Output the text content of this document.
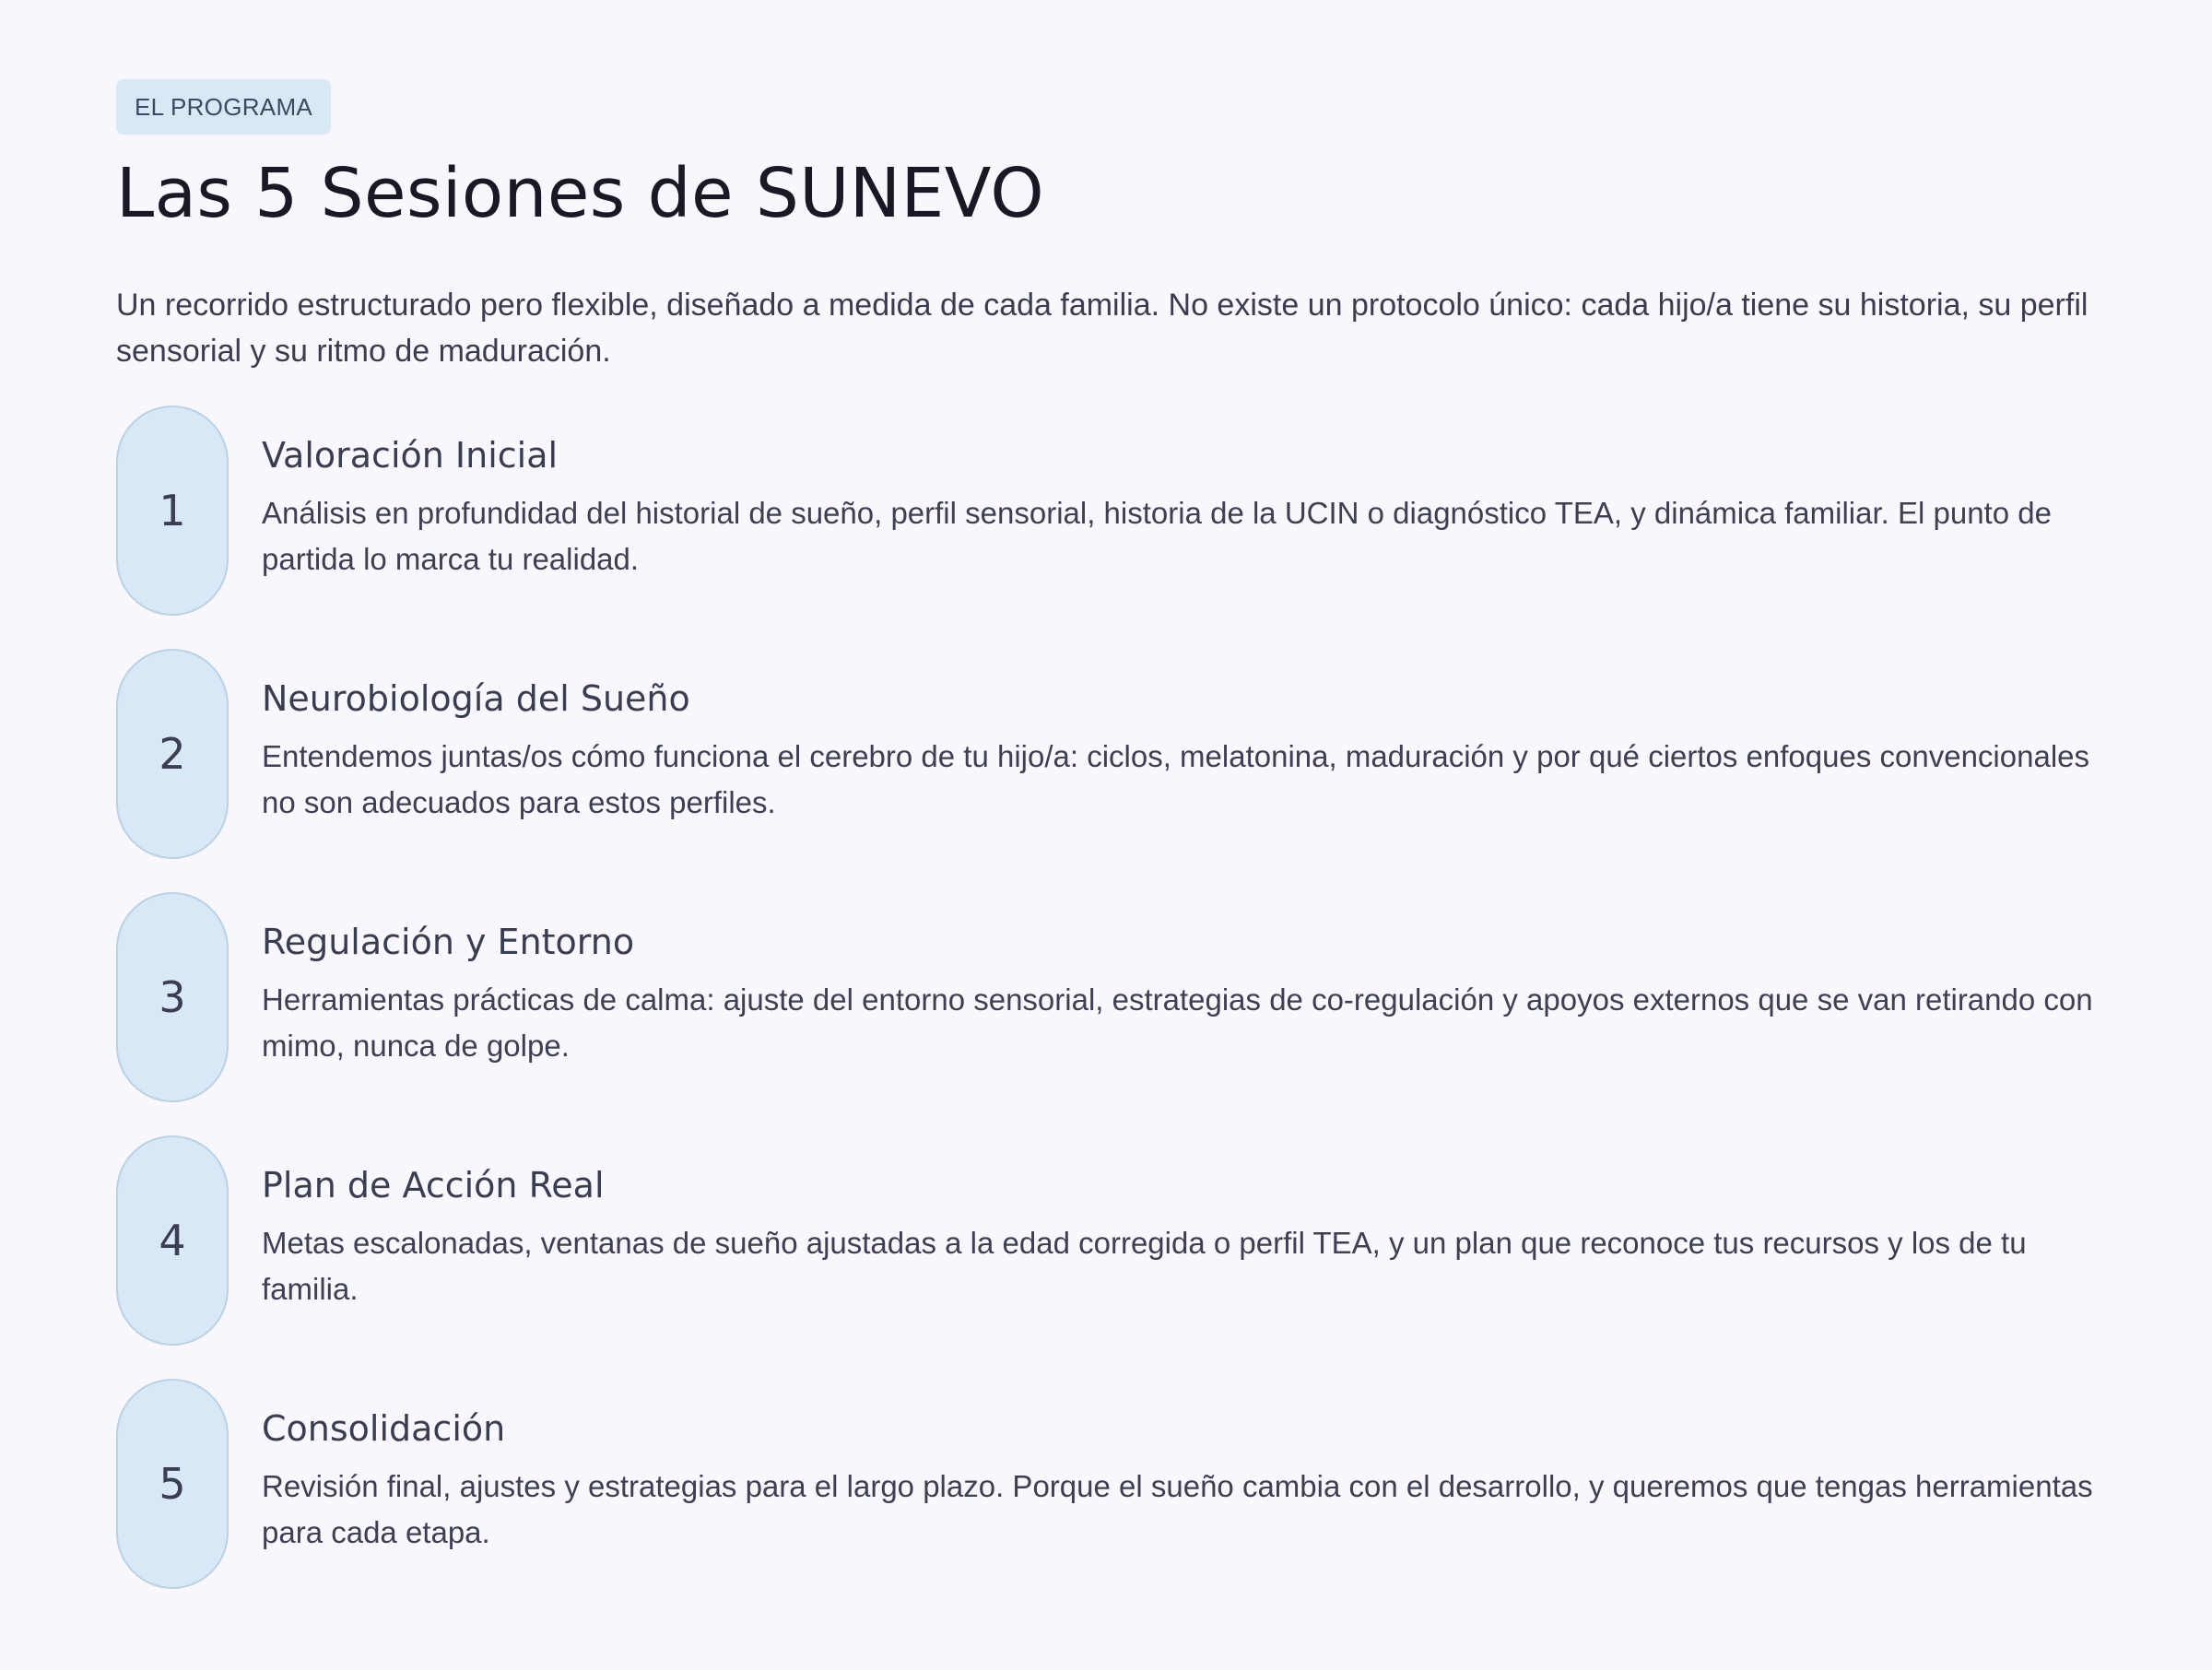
EL PROGRAMA
Las 5 Sesiones de SUNEVO

Un recorrido estructurado pero flexible, diseñado a medida de cada familia. No existe un protocolo único: cada hijo/a tiene su historia, su perfil sensorial y su ritmo de maduración.

1
Valoración Inicial
Análisis en profundidad del historial de sueño, perfil sensorial, historia de la UCIN o diagnóstico TEA, y dinámica familiar. El punto de partida lo marca tu realidad.
2
Neurobiología del Sueño
Entendemos juntas/os cómo funciona el cerebro de tu hijo/a: ciclos, melatonina, maduración y por qué ciertos enfoques convencionales no son adecuados para estos perfiles.
3
Regulación y Entorno
Herramientas prácticas de calma: ajuste del entorno sensorial, estrategias de co-regulación y apoyos externos que se van retirando con mimo, nunca de golpe.
4
Plan de Acción Real
Metas escalonadas, ventanas de sueño ajustadas a la edad corregida o perfil TEA, y un plan que reconoce tus recursos y los de tu familia.
5
Consolidación
Revisión final, ajustes y estrategias para el largo plazo. Porque el sueño cambia con el desarrollo, y queremos que tengas herramientas para cada etapa.
